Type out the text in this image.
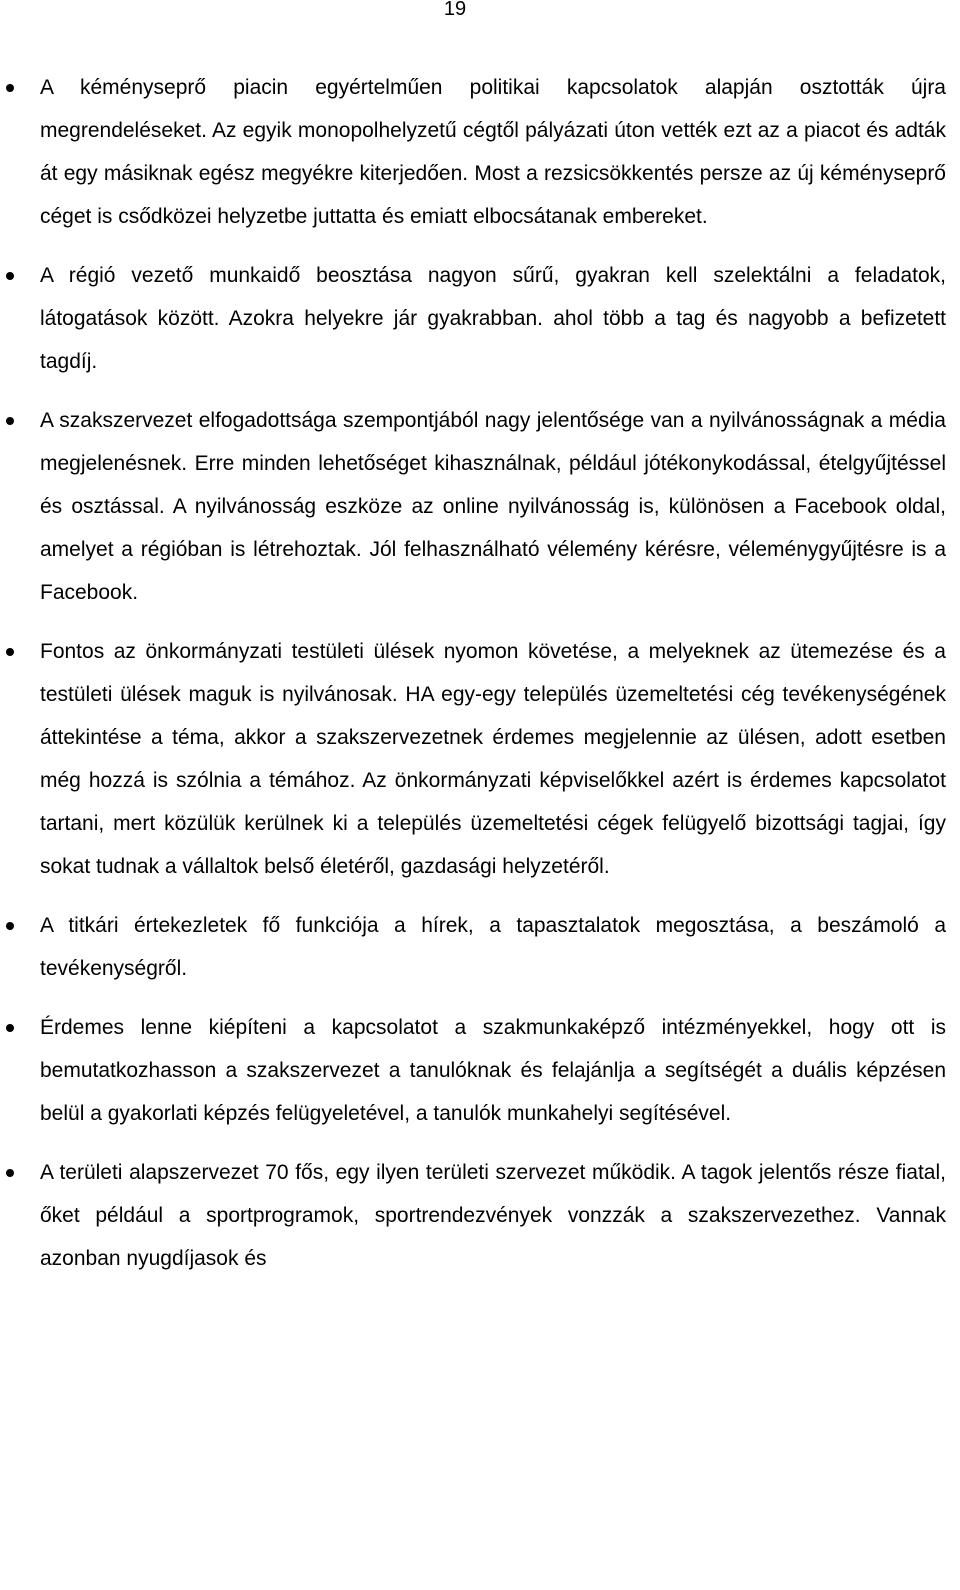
19
A kéményseprő piacin egyértelműen politikai kapcsolatok alapján osztották újra megrendeléseket. Az egyik monopolhelyzetű cégtől pályázati úton vették ezt az a piacot és adták át egy másiknak egész megyékre kiterjedően. Most a rezsicsökkentés persze az új kéményseprő céget is csődközei helyzetbe juttatta és emiatt elbocsátanak embereket.
A régió vezető munkaidő beosztása nagyon sűrű, gyakran kell szelektálni a feladatok, látogatások között. Azokra helyekre jár gyakrabban. ahol több a tag és nagyobb a befizetett tagdíj.
A szakszervezet elfogadottsága szempontjából nagy jelentősége van a nyilvánosságnak a média megjelenésnek. Erre minden lehetőséget kihasználnak, például jótékonykodással, ételgyűjtéssel és osztással. A nyilvánosság eszköze az online nyilvánosság is, különösen a Facebook oldal, amelyet a régióban is létrehoztak. Jól felhasználható vélemény kérésre, véleménygyűjtésre is a Facebook.
Fontos az önkormányzati testületi ülések nyomon követése, a melyeknek az ütemezése és a testületi ülések maguk is nyilvánosak. HA egy-egy település üzemeltetési cég tevékenységének áttekintése a téma, akkor a szakszervezetnek érdemes megjelennie az ülésen, adott esetben még hozzá is szólnia a témához. Az önkormányzati képviselőkkel azért is érdemes kapcsolatot tartani, mert közülük kerülnek ki a település üzemeltetési cégek felügyelő bizottsági tagjai, így sokat tudnak a vállaltok belső életéről, gazdasági helyzetéről.
A titkári értekezletek fő funkciója a hírek, a tapasztalatok megosztása, a beszámoló a tevékenységről.
Érdemes lenne kiépíteni a kapcsolatot a szakmunkaképző intézményekkel, hogy ott is bemutatkozhasson a szakszervezet a tanulóknak és felajánlja a segítségét a duális képzésen belül a gyakorlati képzés felügyeletével, a tanulók munkahelyi segítésével.
A területi alapszervezet 70 fős, egy ilyen területi szervezet működik. A tagok jelentős része fiatal, őket például a sportprogramok, sportrendezvények vonzzák a szakszervezethez. Vannak azonban nyugdíjasok és
